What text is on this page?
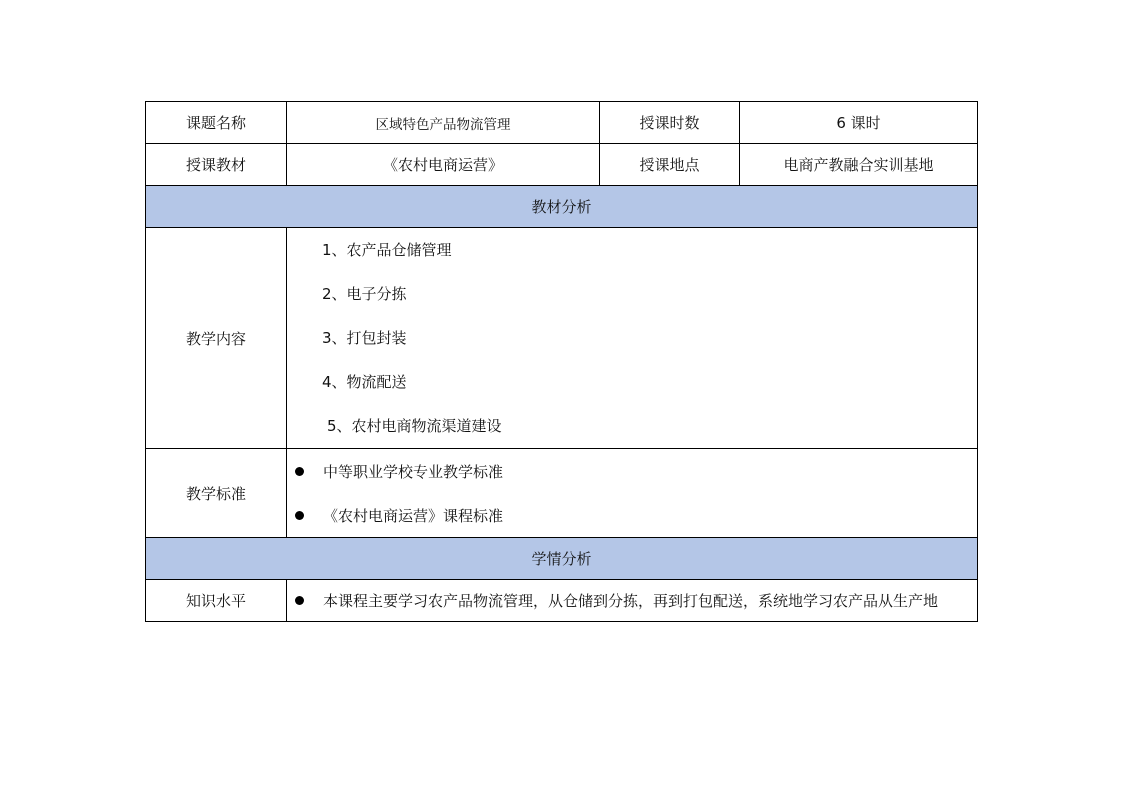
课题名称	区域特色产品物流管理	授课时数	6 课时
授课教材	《农村电商运营》	授课地点	电商产教融合实训基地
教材分析			
教学内容	1、农产品仓储管理
2、电子分拣
3、打包封装
4、物流配送
5、农村电商物流渠道建设		

教学标准	中等职业学校专业教学标准
《农村电商运营》课程标准		

学情分析			
知识水平	本课程主要学习农产品物流管理，从仓储到分拣，再到打包配送，系统地学习农产品从生产地		
